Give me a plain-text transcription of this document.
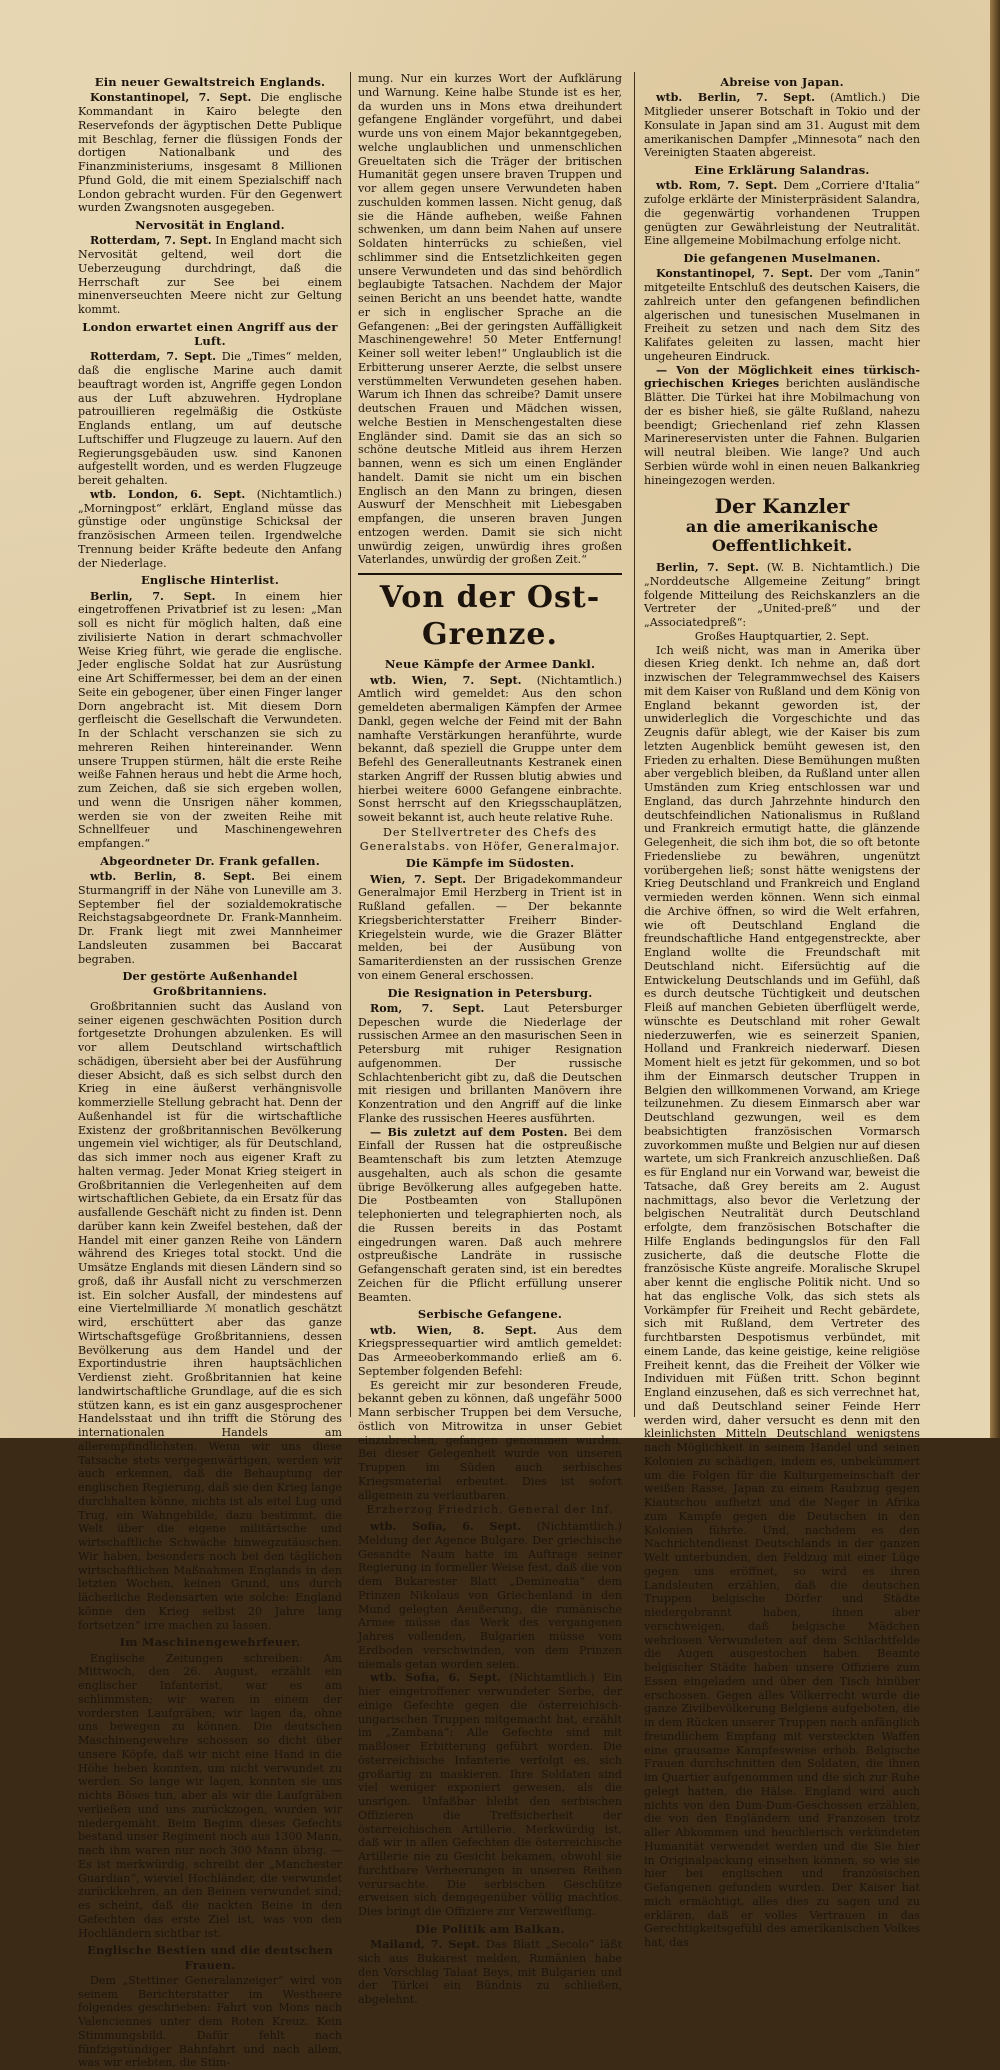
Ein neuer Gewaltstreich Englands.

Konstantinopel, 7. Sept. Die englische Kommandant in Kairo belegte den Reservefonds der ägyptischen Dette Publique mit Beschlag, ferner die flüssigen Fonds der dortigen Nationalbank und des Finanzministeriums, insgesamt 8 Millionen Pfund Gold, die mit einem Spezialschiff nach London gebracht wurden. Für den Gegenwert wurden Zwangsnoten ausgegeben.

Nervosität in England.

Rotterdam, 7. Sept. In England macht sich Nervosität geltend, weil dort die Ueberzeugung durchdringt, daß die Herrschaft zur See bei einem minenverseuchten Meere nicht zur Geltung kommt.

London erwartet einen Angriff aus der Luft.

Rotterdam, 7. Sept. Die „Times“ melden, daß die englische Marine auch damit beauftragt worden ist, Angriffe gegen London aus der Luft abzuwehren. Hydroplane patrouillieren regelmäßig die Ostküste Englands entlang, um auf deutsche Luftschiffer und Flugzeuge zu lauern. Auf den Regierungsgebäuden usw. sind Kanonen aufgestellt worden, und es werden Flugzeuge bereit gehalten.

wtb. London, 6. Sept. (Nichtamtlich.) „Morningpost“ erklärt, England müsse das günstige oder ungünstige Schicksal der französischen Armeen teilen. Irgendwelche Trennung beider Kräfte bedeute den Anfang der Niederlage.

Englische Hinterlist.

Berlin, 7. Sept. In einem hier eingetroffenen Privatbrief ist zu lesen: „Man soll es nicht für möglich halten, daß eine zivilisierte Nation in derart schmachvoller Weise Krieg führt, wie gerade die englische. Jeder englische Soldat hat zur Ausrüstung eine Art Schiffermesser, bei dem an der einen Seite ein gebogener, über einen Finger langer Dorn angebracht ist. Mit diesem Dorn gerfleischt die Gesellschaft die Verwundeten. In der Schlacht verschanzen sie sich zu mehreren Reihen hintereinander. Wenn unsere Truppen stürmen, hält die erste Reihe weiße Fahnen heraus und hebt die Arme hoch, zum Zeichen, daß sie sich ergeben wollen, und wenn die Unsrigen näher kommen, werden sie von der zweiten Reihe mit Schnellfeuer und Maschinengewehren empfangen.“

Abgeordneter Dr. Frank gefallen.

wtb. Berlin, 8. Sept. Bei einem Sturmangriff in der Nähe von Luneville am 3. September fiel der sozialdemokratische Reichstagsabgeordnete Dr. Frank-Mannheim. Dr. Frank liegt mit zwei Mannheimer Landsleuten zusammen bei Baccarat begraben.

Der gestörte Außenhandel Großbritanniens.

Großbritannien sucht das Ausland von seiner eigenen geschwächten Position durch fortgesetzte Drohungen abzulenken. Es will vor allem Deutschland wirtschaftlich schädigen, übersieht aber bei der Ausführung dieser Absicht, daß es sich selbst durch den Krieg in eine äußerst verhängnisvolle kommerzielle Stellung gebracht hat. Denn der Außenhandel ist für die wirtschaftliche Existenz der großbritannischen Bevölkerung ungemein viel wichtiger, als für Deutschland, das sich immer noch aus eigener Kraft zu halten vermag. Jeder Monat Krieg steigert in Großbritannien die Verlegenheiten auf dem wirtschaftlichen Gebiete, da ein Ersatz für das ausfallende Geschäft nicht zu finden ist. Denn darüber kann kein Zweifel bestehen, daß der Handel mit einer ganzen Reihe von Ländern während des Krieges total stockt. Und die Umsätze Englands mit diesen Ländern sind so groß, daß ihr Ausfall nicht zu verschmerzen ist. Ein solcher Ausfall, der mindestens auf eine Viertelmilliarde ℳ monatlich geschätzt wird, erschüttert aber das ganze Wirtschaftsgefüge Großbritanniens, dessen Bevölkerung aus dem Handel und der Exportindustrie ihren hauptsächlichen Verdienst zieht. Großbritannien hat keine landwirtschaftliche Grundlage, auf die es sich stützen kann, es ist ein ganz ausgesprochener Handelsstaat und ihn trifft die Störung des internationalen Handels am allerempfindlichsten. Wenn wir uns diese Tatsache stets vergegenwärtigen, werden wir auch erkennen, daß die Behauptung der englischen Regierung, daß sie den Krieg lange durchhalten könne, nichts ist als eitel Lug und Trug, ein Wahngebilde, dazu bestimmt, die Welt über die eigene militärische und wirtschaftliche Schwäche hinwegzutäuschen. Wir haben, besonders noch bei den täglichen wirtschaftlichen Maßnahmen Englands in den letzten Wochen, keinen Grund, uns durch lächerliche Redensarten wie solche: England könne den Krieg selbst 20 Jahre lang fortsetzen“ irre machen zu lassen.

Im Maschinengewehrfeuer.

Englische Zeitungen schreiben: Am Mittwoch, den 26. August, erzählt ein englischer Infanterist, war es am schlimmsten; wir waren in einem der vordersten Laufgräben; wir lagen da, ohne uns bewegen zu können. Die deutschen Maschinengewehre schossen so dicht über unsere Köpfe, daß wir nicht eine Hand in die Höhe heben konnten, um nicht verwundet zu werden. So lange wir lagen, konnten sie uns nichts Böses tun, aber als wir die Laufgräben verließen und uns zurückzogen, wurden wir niedergemäht. Beim Beginn dieses Gefechts bestand unser Regiment noch aus 1300 Mann, nach ihm waren nur noch 300 Mann übrig. — Es ist merkwürdig, schreibt der „Manchester Guardian“, wieviel Hochländer, die verwundet zurückkehren, an den Beinen verwundet sind; es scheint, daß die nackten Beine in den Gefechten das erste Ziel ist, was von den Hochländern sichtbar ist.

Englische Bestien und die deutschen Frauen.

Dem „Stettiner Generalanzeiger“ wird von seinem Berichterstatter im Westheere folgendes geschrieben: Fahrt von Mons nach Valenciennes unter dem Roten Kreuz. Kein Stimmungsbild. Dafür fehlt nach fünfzigstündiger Bahnfahrt und nach allem, was wir erlebten, die Stim-

mung. Nur ein kurzes Wort der Aufklärung und Warnung. Keine halbe Stunde ist es her, da wurden uns in Mons etwa dreihundert gefangene Engländer vorgeführt, und dabei wurde uns von einem Major bekanntgegeben, welche unglaublichen und unmenschlichen Greueltaten sich die Träger der britischen Humanität gegen unsere braven Truppen und vor allem gegen unsere Verwundeten haben zuschulden kommen lassen. Nicht genug, daß sie die Hände aufheben, weiße Fahnen schwenken, um dann beim Nahen auf unsere Soldaten hinterrücks zu schießen, viel schlimmer sind die Entsetzlichkeiten gegen unsere Verwundeten und das sind behördlich beglaubigte Tatsachen. Nachdem der Major seinen Bericht an uns beendet hatte, wandte er sich in englischer Sprache an die Gefangenen: „Bei der geringsten Auffälligkeit Maschinengewehre! 50 Meter Entfernung! Keiner soll weiter leben!“ Unglaublich ist die Erbitterung unserer Aerzte, die selbst unsere verstümmelten Verwundeten gesehen haben. Warum ich Ihnen das schreibe? Damit unsere deutschen Frauen und Mädchen wissen, welche Bestien in Menschengestalten diese Engländer sind. Damit sie das an sich so schöne deutsche Mitleid aus ihrem Herzen bannen, wenn es sich um einen Engländer handelt. Damit sie nicht um ein bischen Englisch an den Mann zu bringen, diesen Auswurf der Menschheit mit Liebesgaben empfangen, die unseren braven Jungen entzogen werden. Damit sie sich nicht unwürdig zeigen, unwürdig ihres großen Vaterlandes, unwürdig der großen Zeit.“

Von der Ost-Grenze.
Neue Kämpfe der Armee Dankl.

wtb. Wien, 7. Sept. (Nichtamtlich.) Amtlich wird gemeldet: Aus den schon gemeldeten abermaligen Kämpfen der Armee Dankl, gegen welche der Feind mit der Bahn namhafte Verstärkungen heranführte, wurde bekannt, daß speziell die Gruppe unter dem Befehl des Generalleutnants Kestranek einen starken Angriff der Russen blutig abwies und hierbei weitere 6000 Gefangene einbrachte. Sonst herrscht auf den Kriegsschauplätzen, soweit bekannt ist, auch heute relative Ruhe.

Der Stellvertreter des Chefs des Generalstabs. von Höfer, Generalmajor.
Die Kämpfe im Südosten.

Wien, 7. Sept. Der Brigadekommandeur Generalmajor Emil Herzberg in Trient ist in Rußland gefallen. — Der bekannte Kriegsberichterstatter Freiherr Binder-Kriegelstein wurde, wie die Grazer Blätter melden, bei der Ausübung von Samariterdiensten an der russischen Grenze von einem General erschossen.

Die Resignation in Petersburg.

Rom, 7. Sept. Laut Petersburger Depeschen wurde die Niederlage der russischen Armee an den masurischen Seen in Petersburg mit ruhiger Resignation aufgenommen. Der russische Schlachtenbericht gibt zu, daß die Deutschen mit riesigen und brillanten Manövern ihre Konzentration und den Angriff auf die linke Flanke des russischen Heeres ausführten.

— Bis zuletzt auf dem Posten. Bei dem Einfall der Russen hat die ostpreußische Beamtenschaft bis zum letzten Atemzuge ausgehalten, auch als schon die gesamte übrige Bevölkerung alles aufgegeben hatte. Die Postbeamten von Stallupönen telephonierten und telegraphierten noch, als die Russen bereits in das Postamt eingedrungen waren. Daß auch mehrere ostpreußische Landräte in russische Gefangenschaft geraten sind, ist ein beredtes Zeichen für die Pflicht erfüllung unserer Beamten.

Serbische Gefangene.

wtb. Wien, 8. Sept. Aus dem Kriegspressequartier wird amtlich gemeldet: Das Armeeoberkommando erließ am 6. September folgenden Befehl:

Es gereicht mir zur besonderen Freude, bekannt geben zu können, daß ungefähr 5000 Mann serbischer Truppen bei dem Versuche, östlich von Mitrowitza in unser Gebiet einzubrechen, gefangen genommen wurden. Bei dieser Gelegenheit wurde von unseren Truppen im Süden auch serbisches Kriegsmaterial erbeutet. Dies ist sofort allgemein zu verlautbaren.

Erzherzog Friedrich, General der Inf.

wtb. Sofia, 6. Sept. (Nichtamtlich.) Meldung der Agence Bulgare. Der griechische Gesandte Naum hatte im Auftrage seiner Regierung in formeller Weise fest, daß die von dem Bukarester Blatt „Demineatia“ dem Prinzen Nikolaus von Griechenland in den Mund gelegten Aeußerung, die rumänische Armee müsse das Werk des vergangenen Jahres vollenden, Bulgarien müsse vom Erdboden verschwinden, von dem Prinzen niemals getan worden seien.

wtb. Sofia, 6. Sept. (Nichtamtlich.) Ein hier eingetroffener verwundeter Serbe, der einige Gefechte gegen die österreichisch-ungarischen Truppen mitgemacht hat, erzählt im „Zambana“: Alle Gefechte sind mit maßloser Erbitterung geführt worden. Die österreichische Infanterie verfolgt es, sich großartig zu maskieren. Ihre Soldaten sind viel weniger exponiert gewesen, als die unsrigen. Unfaßbar bleibt den serbischen Offizieren die Treffsicherheit der österreichischen Artillerie. Merkwürdig ist, daß wir in allen Gefechten die österreichische Artillerie nie zu Gesicht bekamen, obwohl sie furchtbare Verheerungen in unseren Reihen verursachte. Die serbischen Geschütze erweisen sich demgegenüber völlig machtlos. Dies bringt die Offiziere zur Verzweiflung.

Die Politik am Balkan.

Mailand, 7. Sept. Das Blatt „Secolo“ läßt sich aus Bukarest melden, Rumänien habe den Vorschlag Talaat Beys, mit Bulgarien und der Türkei ein Bündnis zu schließen, abgelehnt.

Abreise von Japan.

wtb. Berlin, 7. Sept. (Amtlich.) Die Mitglieder unserer Botschaft in Tokio und der Konsulate in Japan sind am 31. August mit dem amerikanischen Dampfer „Minnesota“ nach den Vereinigten Staaten abgereist.

Eine Erklärung Salandras.

wtb. Rom, 7. Sept. Dem „Corriere d'Italia“ zufolge erklärte der Ministerpräsident Salandra, die gegenwärtig vorhandenen Truppen genügten zur Gewährleistung der Neutralität. Eine allgemeine Mobilmachung erfolge nicht.

Die gefangenen Muselmanen.

Konstantinopel, 7. Sept. Der vom „Tanin“ mitgeteilte Entschluß des deutschen Kaisers, die zahlreich unter den gefangenen befindlichen algerischen und tunesischen Muselmanen in Freiheit zu setzen und nach dem Sitz des Kalifates geleiten zu lassen, macht hier ungeheuren Eindruck.

— Von der Möglichkeit eines türkisch-griechischen Krieges berichten ausländische Blätter. Die Türkei hat ihre Mobilmachung von der es bisher hieß, sie gälte Rußland, nahezu beendigt; Griechenland rief zehn Klassen Marinereservisten unter die Fahnen. Bulgarien will neutral bleiben. Wie lange? Und auch Serbien würde wohl in einen neuen Balkankrieg hineingezogen werden.

Der Kanzler
an die amerikanische Oeffentlichkeit.

Berlin, 7. Sept. (W. B. Nichtamtlich.) Die „Norddeutsche Allgemeine Zeitung“ bringt folgende Mitteilung des Reichskanzlers an die Vertreter der „United-preß“ und der „Associatedpreß“:

Großes Hauptquartier, 2. Sept.

Ich weiß nicht, was man in Amerika über diesen Krieg denkt. Ich nehme an, daß dort inzwischen der Telegrammwechsel des Kaisers mit dem Kaiser von Rußland und dem König von England bekannt geworden ist, der unwiderleglich die Vorgeschichte und das Zeugnis dafür ablegt, wie der Kaiser bis zum letzten Augenblick bemüht gewesen ist, den Frieden zu erhalten. Diese Bemühungen mußten aber vergeblich bleiben, da Rußland unter allen Umständen zum Krieg entschlossen war und England, das durch Jahrzehnte hindurch den deutschfeindlichen Nationalismus in Rußland und Frankreich ermutigt hatte, die glänzende Gelegenheit, die sich ihm bot, die so oft betonte Friedensliebe zu bewähren, ungenützt vorübergehen ließ; sonst hätte wenigstens der Krieg Deutschland und Frankreich und England vermieden werden können. Wenn sich einmal die Archive öffnen, so wird die Welt erfahren, wie oft Deutschland England die freundschaftliche Hand entgegenstreckte, aber England wollte die Freundschaft mit Deutschland nicht. Eifersüchtig auf die Entwickelung Deutschlands und im Gefühl, daß es durch deutsche Tüchtigkeit und deutschen Fleiß auf manchen Gebieten überflügelt werde, wünschte es Deutschland mit roher Gewalt niederzuwerfen, wie es seinerzeit Spanien, Holland und Frankreich niederwarf. Diesen Moment hielt es jetzt für gekommen, und so bot ihm der Einmarsch deutscher Truppen in Belgien den willkommenen Vorwand, am Kriege teilzunehmen. Zu diesem Einmarsch aber war Deutschland gezwungen, weil es dem beabsichtigten französischen Vormarsch zuvorkommen mußte und Belgien nur auf diesen wartete, um sich Frankreich anzuschließen. Daß es für England nur ein Vorwand war, beweist die Tatsache, daß Grey bereits am 2. August nachmittags, also bevor die Verletzung der belgischen Neutralität durch Deutschland erfolgte, dem französischen Botschafter die Hilfe Englands bedingungslos für den Fall zusicherte, daß die deutsche Flotte die französische Küste angreife. Moralische Skrupel aber kennt die englische Politik nicht. Und so hat das englische Volk, das sich stets als Vorkämpfer für Freiheit und Recht gebärdete, sich mit Rußland, dem Vertreter des furchtbarsten Despotismus verbündet, mit einem Lande, das keine geistige, keine religiöse Freiheit kennt, das die Freiheit der Völker wie Individuen mit Füßen tritt. Schon beginnt England einzusehen, daß es sich verrechnet hat, und daß Deutschland seiner Feinde Herr werden wird, daher versucht es denn mit den kleinlichsten Mitteln Deutschland wenigstens nach Möglichkeit in seinem Handel und seinen Kolonien zu schädigen, indem es, unbekümmert um die Folgen für die Kulturgemeinschaft der weißen Rasse, Japan zu einem Raubzug gegen Kiautschou aufhetzt und die Neger in Afrika zum Kampfe gegen die Deutschen in den Kolonien führte. Und, nachdem es den Nachrichtendienst Deutschlands in der ganzen Welt unterbunden, den Feldzug mit einer Lüge gegen uns eröffnet, so wird es ihren Landsleuten erzählen, daß die deutschen Truppen belgische Dörfer und Städte niedergebrannt haben, ihnen aber verschweigen, daß belgische Mädchen wehrlosen Verwundeten auf dem Schlachtfelde die Augen ausgestochen haben. Beamte belgischer Städte haben unsere Offiziere zum Essen eingeladen und über den Tisch hinüber erschossen. Gegen alles Völkerrecht wurde die ganze Zivilbevölkerung Belgiens aufgeboten, die in dem Rücken unserer Truppen nach anfänglich freundlichem Empfang mit versteckten Waffen eine grausame Kampfesweise erhob. Belgische Frauen durchschnitten den Soldaten, die ihnen im Quartier aufgenommen und die sich zur Ruhe gelegt hatten, die Hälse. England wird auch nichts von den Dum-Dum-Geschossen erzählen, die von den Engländern und Franzosen trotz aller Abkommen und heuchlerisch verkündeten Humanität verwendet werden und die Sie hier in Originalpackung einsehen können, so wie sie hier bei englischen und französischen Gefangenen gefunden wurden. Der Kaiser hat mich ermächtigt, alles dies zu sagen und zu erklären, daß er volles Vertrauen in das Gerechtigkeitsgefühl des amerikanischen Volkes hat, das
